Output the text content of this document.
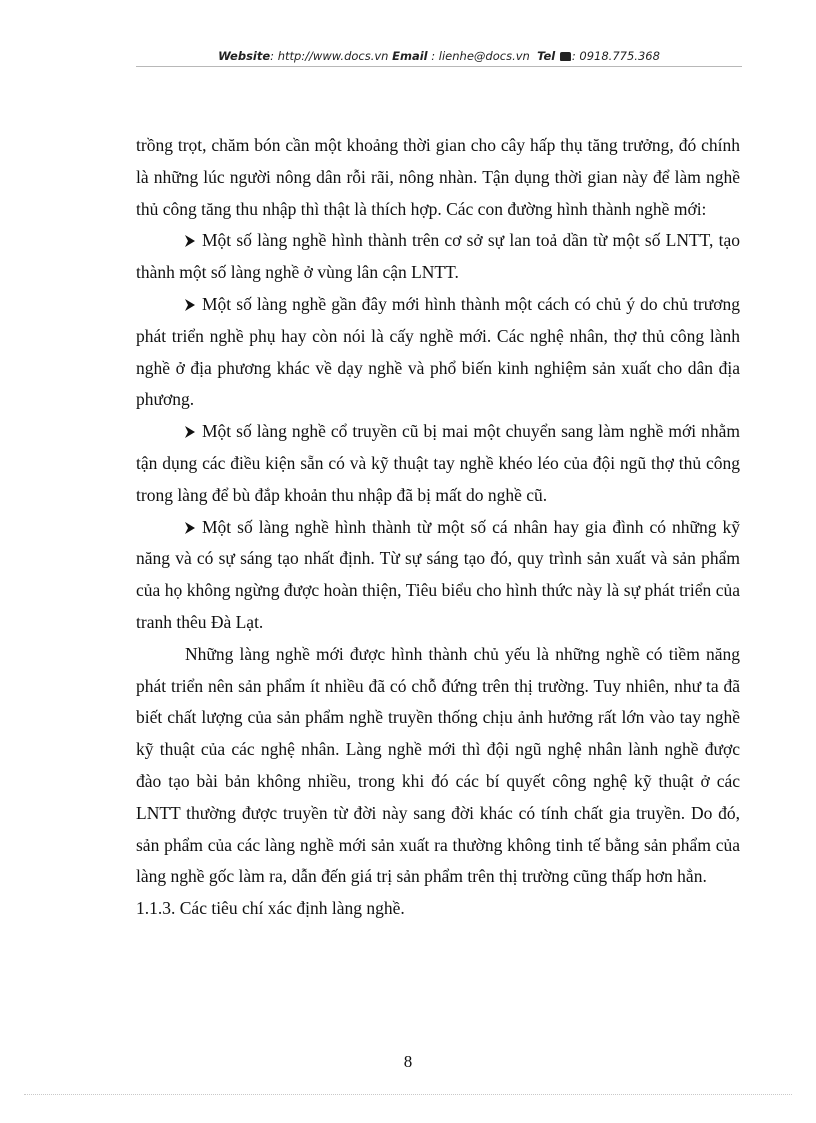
Website: http://www.docs.vn Email : lienhe@docs.vn Tel : 0918.775.368

trồng trọt, chăm bón cần một khoảng thời gian cho cây hấp thụ tăng trưởng, đó chính là những lúc người nông dân rỗi rãi, nông nhàn. Tận dụng thời gian này để làm nghề thủ công tăng thu nhập thì thật là thích hợp. Các con đường hình thành nghề mới:

Một số làng nghề hình thành trên cơ sở sự lan toả dần từ một số LNTT, tạo thành một số làng nghề ở vùng lân cận LNTT.

Một số làng nghề gần đây mới hình thành một cách có chủ ý do chủ trương phát triển nghề phụ hay còn nói là cấy nghề mới. Các nghệ nhân, thợ thủ công lành nghề ở địa phương khác về dạy nghề và phổ biến kinh nghiệm sản xuất cho dân địa phương.

Một số làng nghề cổ truyền cũ bị mai một chuyển sang làm nghề mới nhằm tận dụng các điều kiện sẵn có và kỹ thuật tay nghề khéo léo của đội ngũ thợ thủ công trong làng để bù đắp khoản thu nhập đã bị mất do nghề cũ.

Một số làng nghề hình thành từ một số cá nhân hay gia đình có những kỹ năng và có sự sáng tạo nhất định. Từ sự sáng tạo đó, quy trình sản xuất và sản phẩm của họ không ngừng được hoàn thiện, Tiêu biểu cho hình thức này là sự phát triển của tranh thêu Đà Lạt.

Những làng nghề mới được hình thành chủ yếu là những nghề có tiềm năng phát triển nên sản phẩm ít nhiều đã có chỗ đứng trên thị trường. Tuy nhiên, như ta đã biết chất lượng của sản phẩm nghề truyền thống chịu ảnh hưởng rất lớn vào tay nghề kỹ thuật của các nghệ nhân. Làng nghề mới thì đội ngũ nghệ nhân lành nghề được đào tạo bài bản không nhiều, trong khi đó các bí quyết công nghệ kỹ thuật ở các LNTT thường được truyền từ đời này sang đời khác có tính chất gia truyền. Do đó, sản phẩm của các làng nghề mới sản xuất ra thường không tinh tế bằng sản phẩm của làng nghề gốc làm ra, dẫn đến giá trị sản phẩm trên thị trường cũng thấp hơn hẳn.

1.1.3. Các tiêu chí xác định làng nghề.

8
